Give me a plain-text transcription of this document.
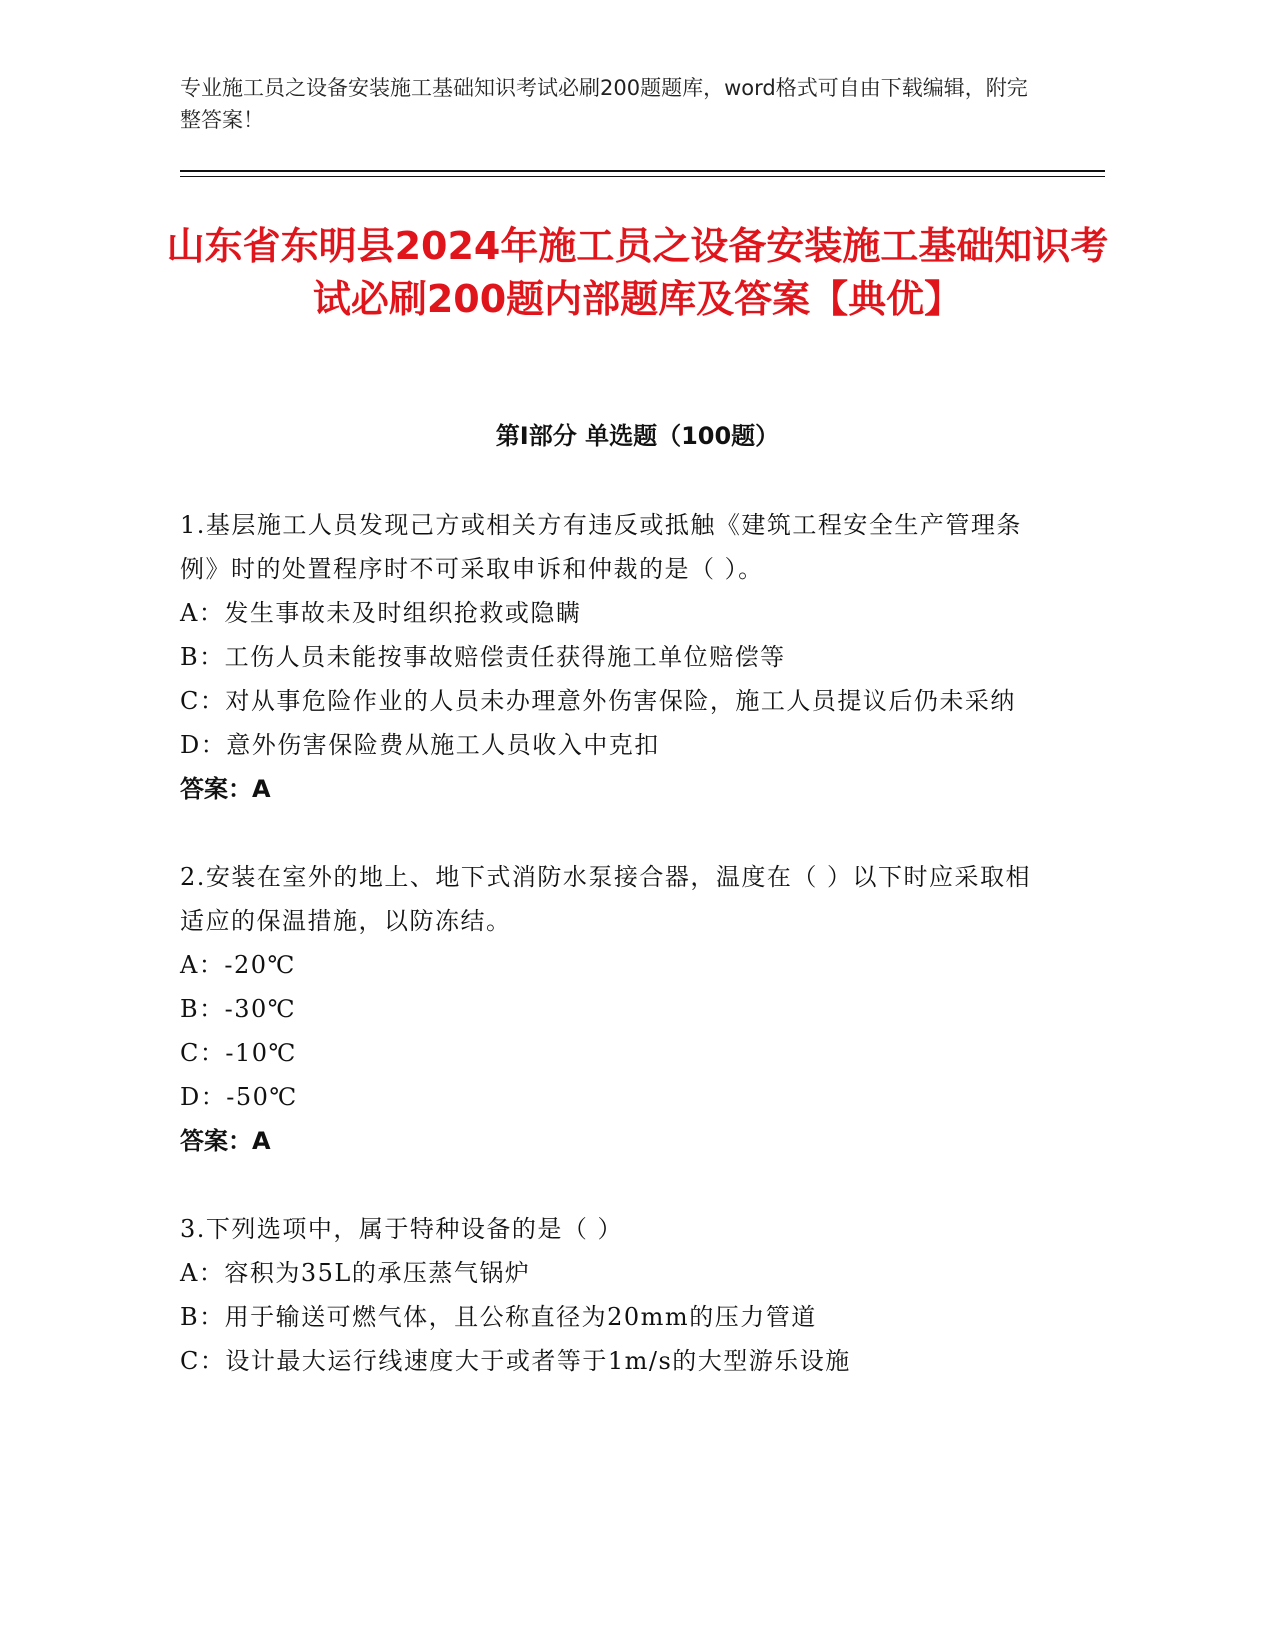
专业施工员之设备安装施工基础知识考试必刷200题题库，word格式可自由下载编辑，附完整答案！
山东省东明县2024年施工员之设备安装施工基础知识考试必刷200题内部题库及答案【典优】
第Ⅰ部分 单选题（100题）
1.基层施工人员发现己方或相关方有违反或抵触《建筑工程安全生产管理条例》时的处置程序时不可采取申诉和仲裁的是（ ）。
A：发生事故未及时组织抢救或隐瞒
B：工伤人员未能按事故赔偿责任获得施工单位赔偿等
C：对从事危险作业的人员未办理意外伤害保险，施工人员提议后仍未采纳
D：意外伤害保险费从施工人员收入中克扣
答案：A
2.安装在室外的地上、地下式消防水泵接合器，温度在（ ）以下时应采取相适应的保温措施，以防冻结。
A：-20℃
B：-30℃
C：-10℃
D：-50℃
答案：A
3.下列选项中，属于特种设备的是（ ）
A：容积为35L的承压蒸气锅炉
B：用于输送可燃气体，且公称直径为20mm的压力管道
C：设计最大运行线速度大于或者等于1m/s的大型游乐设施
